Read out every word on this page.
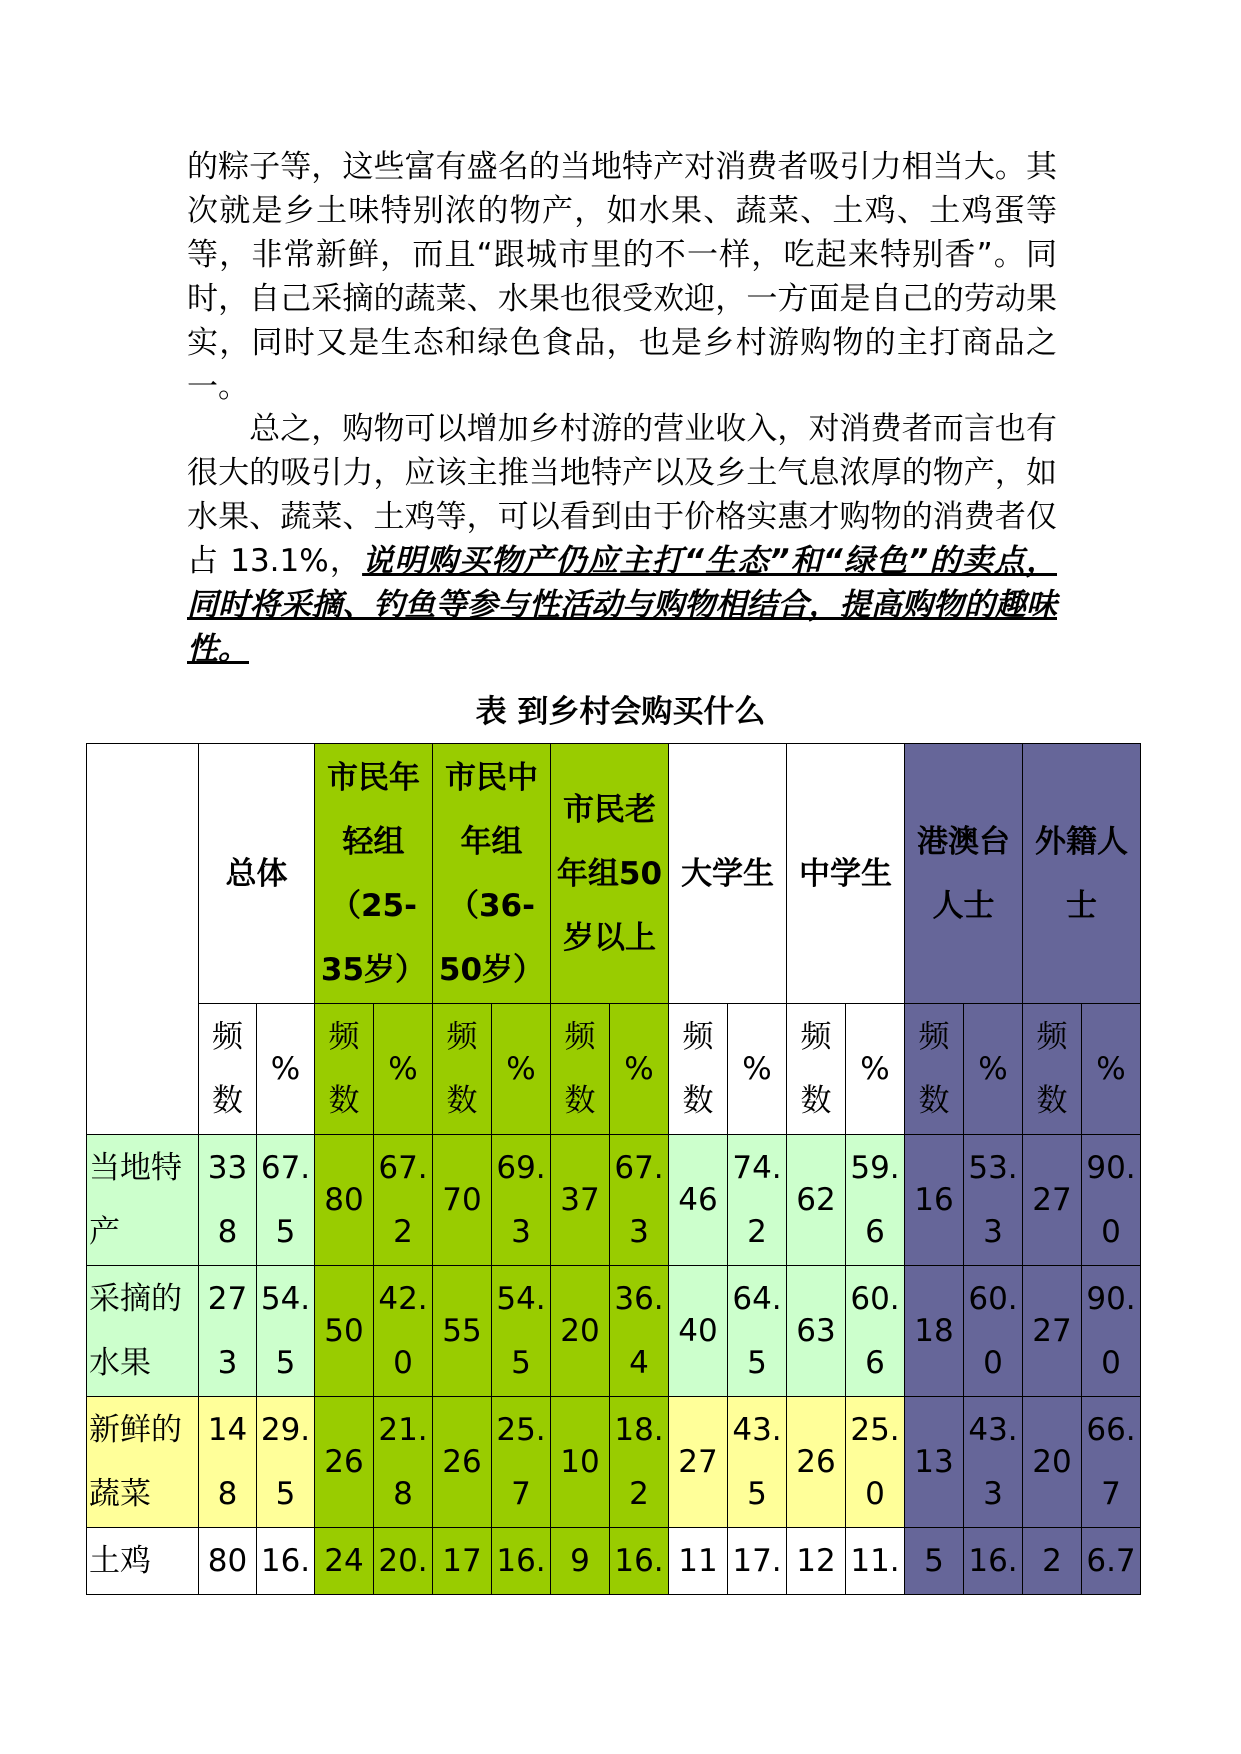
的粽子等，这些富有盛名的当地特产对消费者吸引力相当大。其次就是乡土味特别浓的物产，如水果、蔬菜、土鸡、土鸡蛋等等，非常新鲜，而且“跟城市里的不一样，吃起来特别香”。同时，自己采摘的蔬菜、水果也很受欢迎，一方面是自己的劳动果实，同时又是生态和绿色食品，也是乡村游购物的主打商品之一。

　　总之，购物可以增加乡村游的营业收入，对消费者而言也有很大的吸引力，应该主推当地特产以及乡土气息浓厚的物产，如水果、蔬菜、土鸡等，可以看到由于价格实惠才购物的消费者仅占 13.1%，说明购买物产仍应主打“生态”和“绿色”的卖点，同时将采摘、钓鱼等参与性活动与购物相结合，提高购物的趣味性。

表 到乡村会购买什么

	总体		市民年轻组（25-35岁）		市民中年组（36-50岁）		市民老年组50岁以上		大学生		中学生		港澳台人士		外籍人士	
	频数	%	频数	%	频数	%	频数	%	频数	%	频数	%	频数	%	频数	%
当地特产	338	67.5	80	67.2	70	69.3	37	67.3	46	74.2	62	59.6	16	53.3	27	90.0
采摘的水果	273	54.5	50	42.0	55	54.5	20	36.4	40	64.5	63	60.6	18	60.0	27	90.0
新鲜的蔬菜	148	29.5	26	21.8	26	25.7	10	18.2	27	43.5	26	25.0	13	43.3	20	66.7
土鸡	80	16.	24	20.	17	16.	9	16.	11	17.	12	11.	5	16.	2	6.7
